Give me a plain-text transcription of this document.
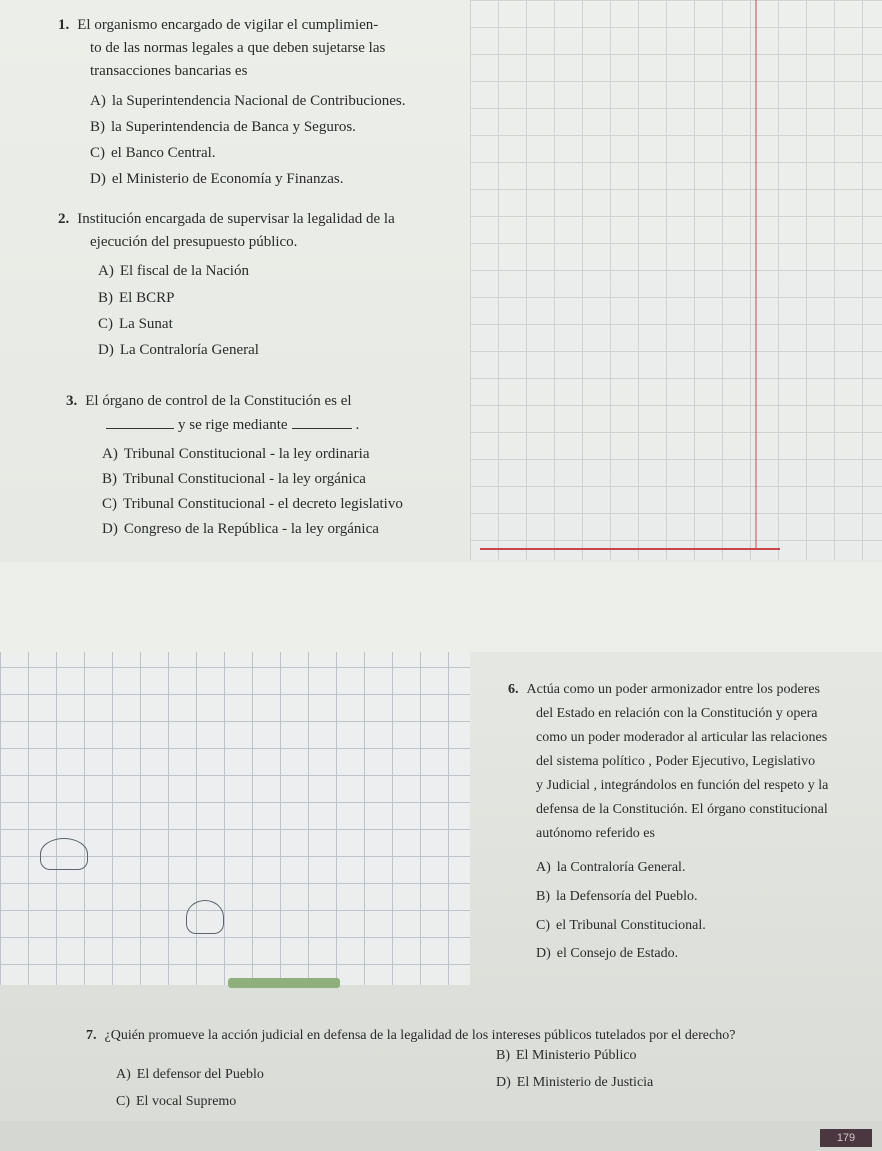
1. El organismo encargado de vigilar el cumplimien-
to de las normas legales a que deben sujetarse las
transacciones bancarias es
A) la Superintendencia Nacional de Contribuciones.
B) la Superintendencia de Banca y Seguros.
C) el Banco Central.
D) el Ministerio de Economía y Finanzas.
2. Institución encargada de supervisar la legalidad de la
ejecución del presupuesto público.
A) El fiscal de la Nación
B) El BCRP
C) La Sunat
D) La Contraloría General
3. El órgano de control de la Constitución es el
y se rige mediante	.
A) Tribunal Constitucional - la ley ordinaria
B) Tribunal Constitucional - la ley orgánica
C) Tribunal Constitucional - el decreto legislativo
D) Congreso de la República - la ley orgánica
6. Actúa como un poder armonizador entre los poderes
del Estado en relación con la Constitución y opera
como un poder moderador al articular las relaciones
del sistema político , Poder Ejecutivo, Legislativo
y Judicial , integrándolos en función del respeto y la
defensa de la Constitución. El órgano constitucional
autónomo referido es
A) la Contraloría General.
B) la Defensoría del Pueblo.
C) el Tribunal Constitucional.
D) el Consejo de Estado.
7. ¿Quién promueve la acción judicial en defensa de la legalidad de los intereses públicos tutelados por el derecho?
A) El defensor del Pueblo
B) El Ministerio Público
C) El vocal Supremo
D) El Ministerio de Justicia
179
